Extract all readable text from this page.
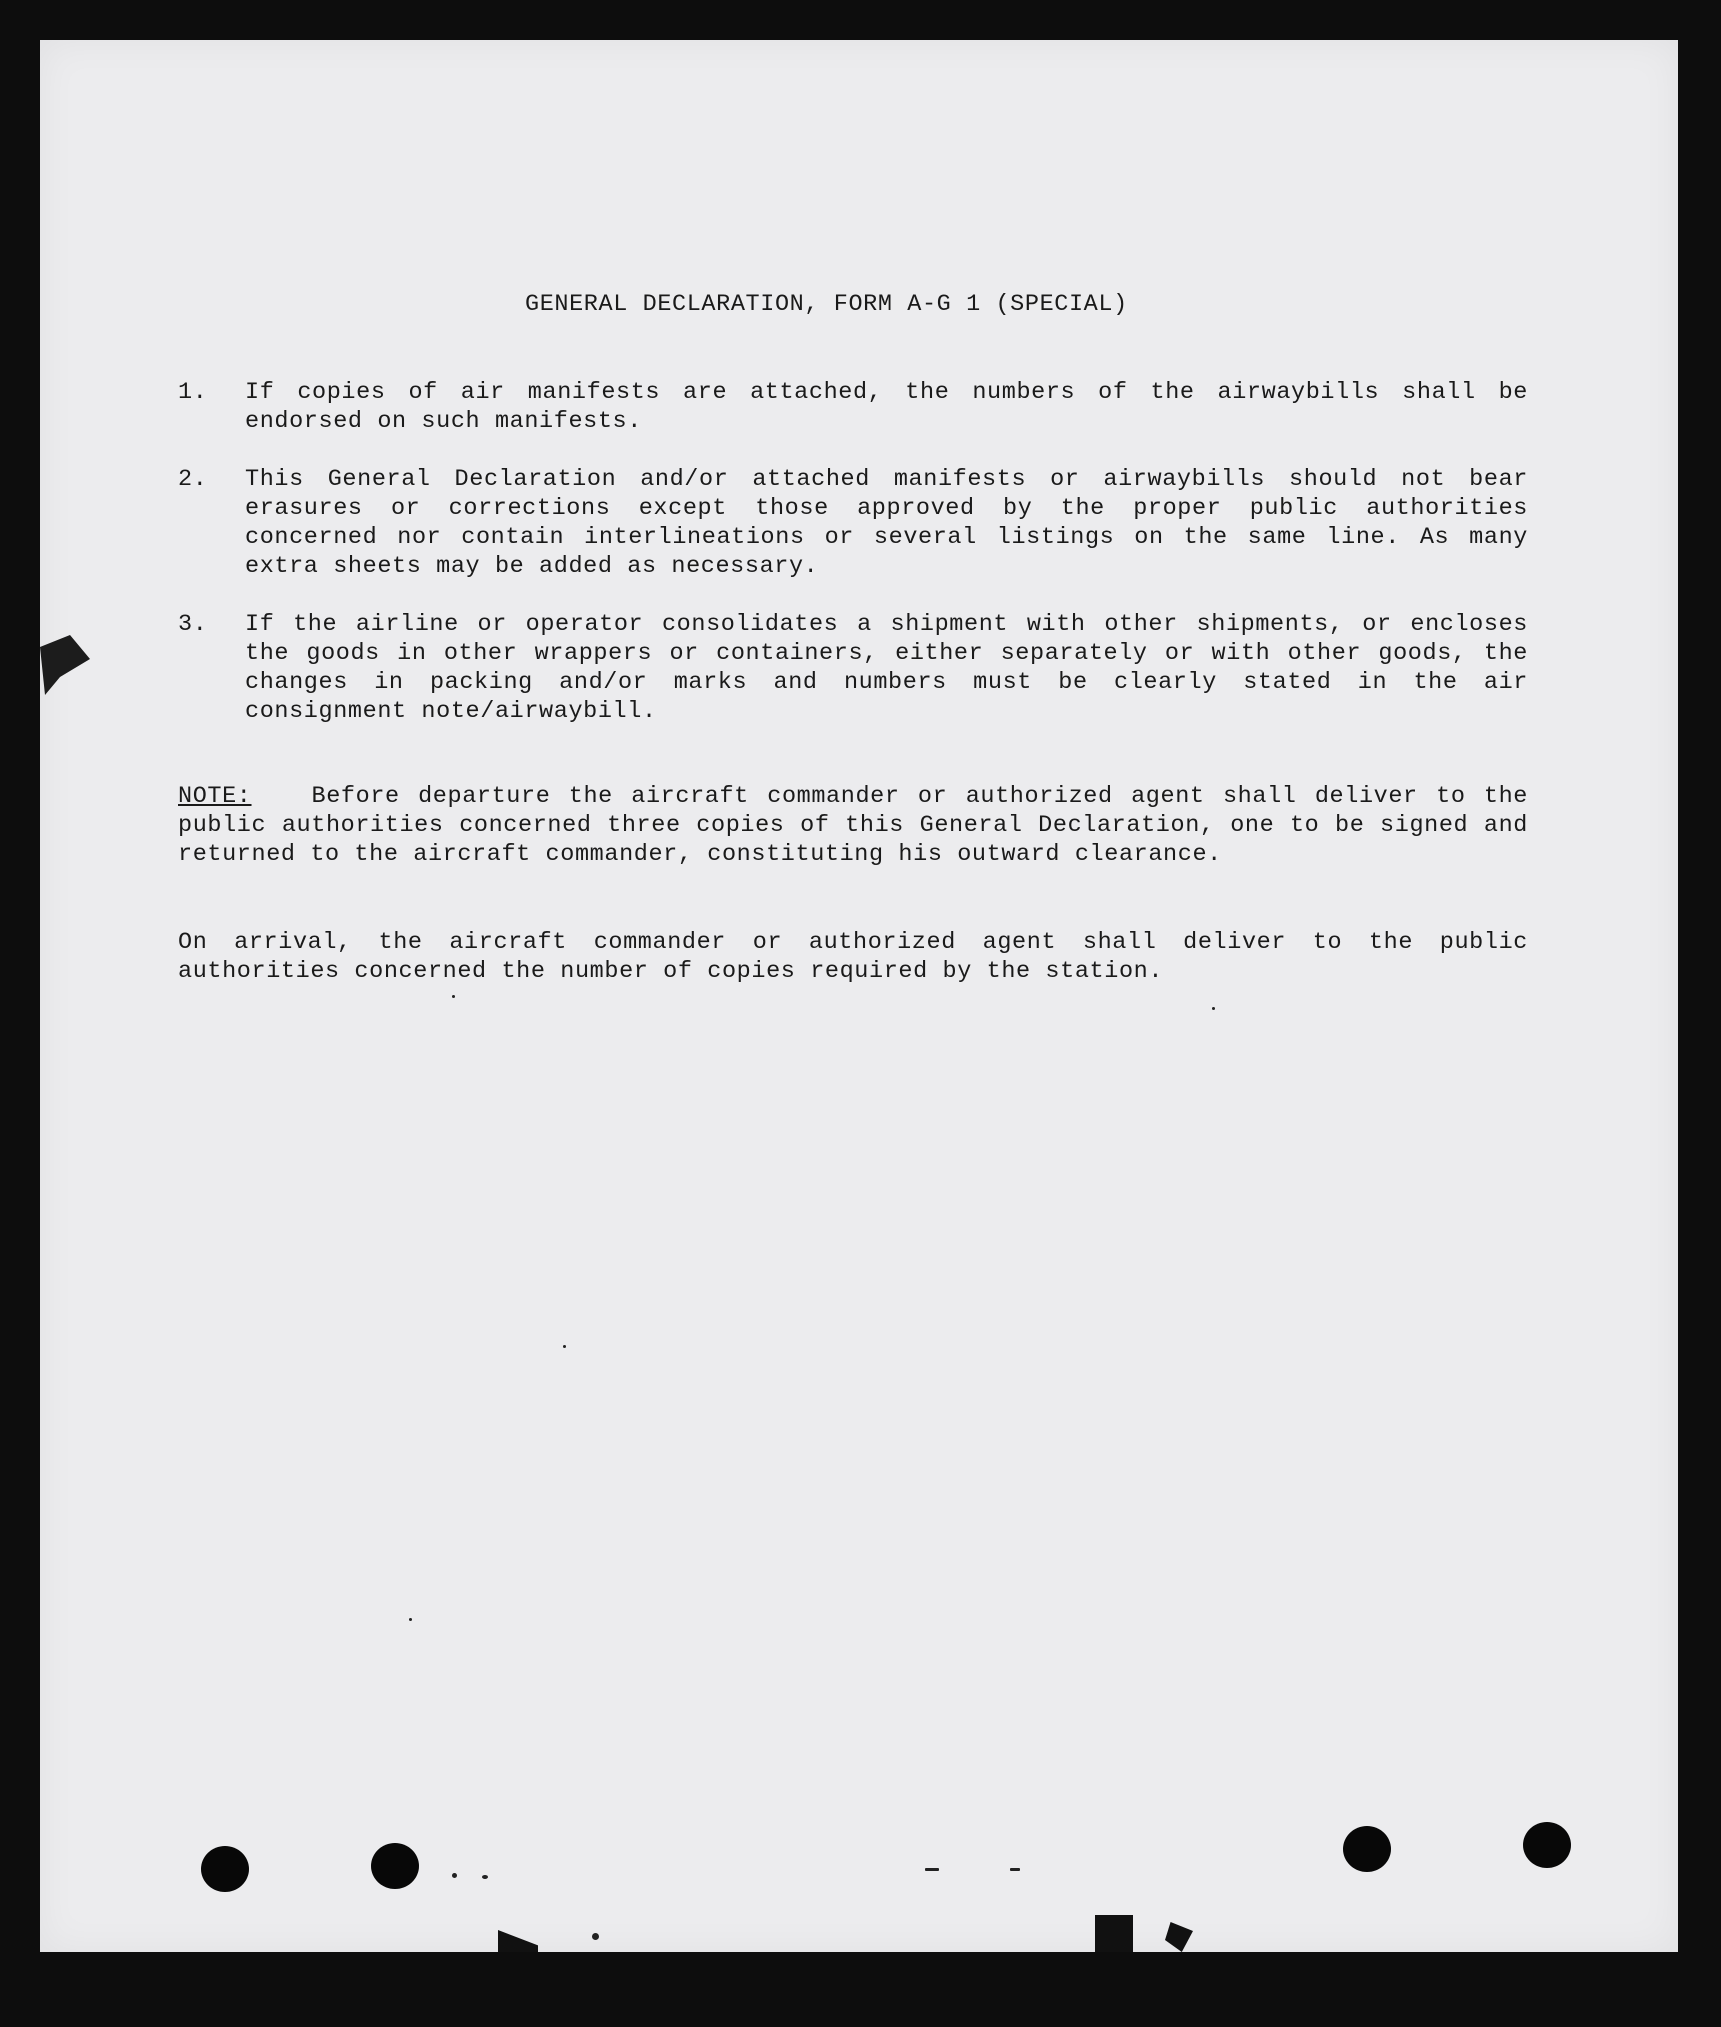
GENERAL DECLARATION, FORM A-G 1 (SPECIAL)
1.	If copies of air manifests are attached, the numbers of the airwaybills shall be endorsed on such manifests.
2.	This General Declaration and/or attached manifests or airwaybills should not bear erasures or corrections except those approved by the proper public authorities concerned nor contain interlineations or several listings on the same line. As many extra sheets may be added as necessary.
3.	If the airline or operator consolidates a shipment with other shipments, or encloses the goods in other wrappers or containers, either separately or with other goods, the changes in packing and/or marks and numbers must be clearly stated in the air consignment note/airwaybill.
NOTE:	Before departure the aircraft commander or authorized agent shall deliver to the public authorities concerned three copies of this General Declaration, one to be signed and returned to the aircraft commander, constituting his outward clearance.
On arrival, the aircraft commander or authorized agent shall deliver to the public authorities concerned the number of copies required by the station.
